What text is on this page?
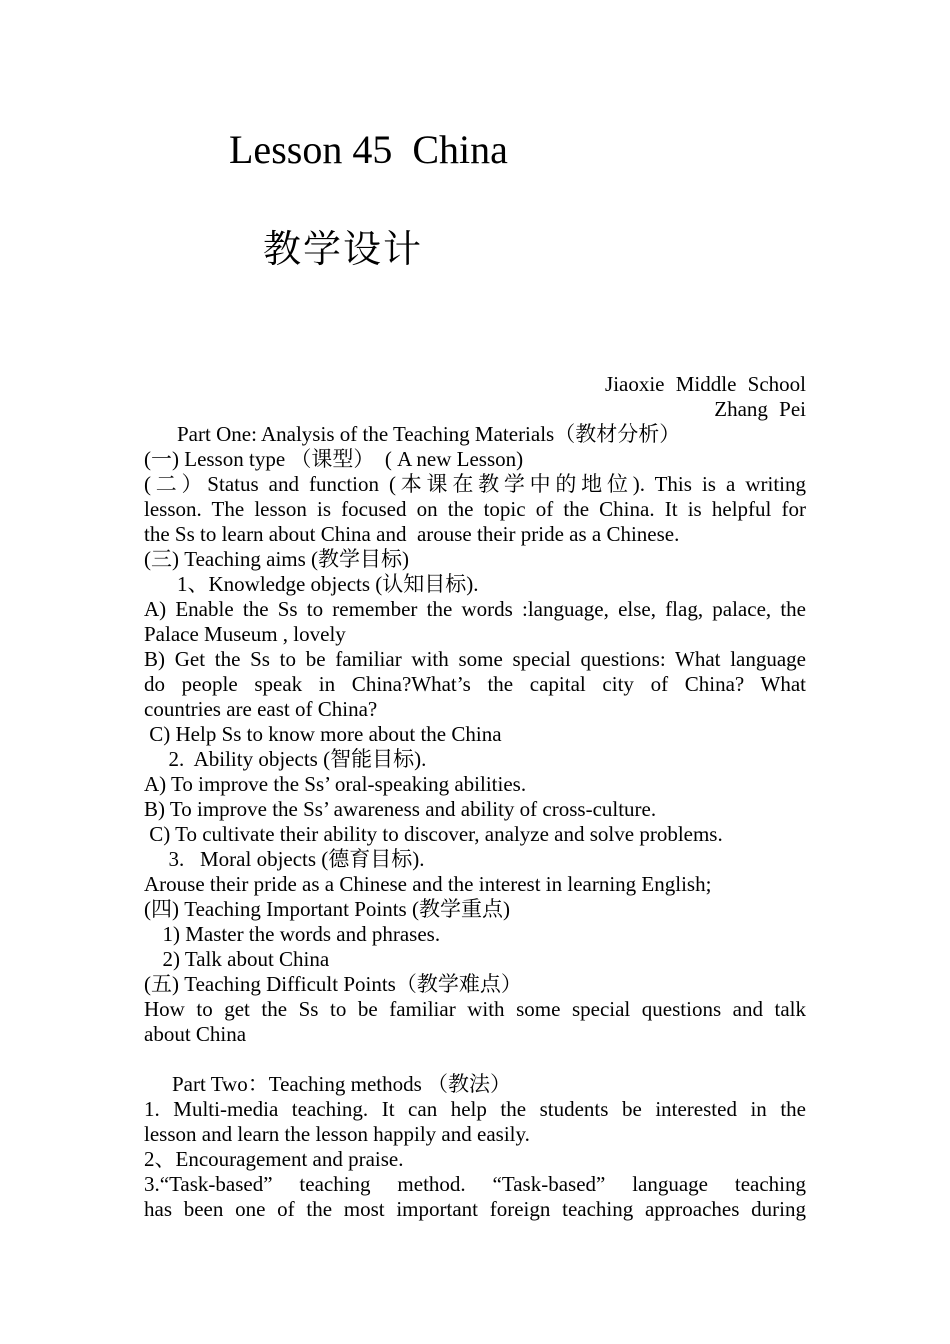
Lesson 45  China
教学设计

Jiaoxie Middle School

Zhang Pei

Part One: Analysis of the Teaching Materials（教材分析）

(一) Lesson type （课型）  ( A new Lesson)

(二）Status and function (本课在教学中的地位). This is a writing

lesson. The lesson is focused on the topic of the China. It is helpful for

the Ss to learn about China and  arouse their pride as a Chinese.

(三) Teaching aims (教学目标)

1、Knowledge objects (认知目标).

A) Enable the Ss to remember the words :language, else, flag, palace, the

Palace Museum , lovely

B) Get the Ss to be familiar with some special questions: What language

do people speak in China?What’s the capital city of China? What

countries are east of China?

C) Help Ss to know more about the China

2.  Ability objects (智能目标).

A) To improve the Ss’ oral-speaking abilities.

B) To improve the Ss’ awareness and ability of cross-culture.

C) To cultivate their ability to discover, analyze and solve problems.

3.   Moral objects (德育目标).

Arouse their pride as a Chinese and the interest in learning English;

(四) Teaching Important Points (教学重点)

1) Master the words and phrases.

2) Talk about China

(五) Teaching Difficult Points（教学难点）

How to get the Ss to be familiar with some special questions and talk

about China

Part Two：Teaching methods （教法）

1. Multi-media teaching. It can help the students be interested in the

lesson and learn the lesson happily and easily.

2、Encouragement and praise.

3.“Task-based” teaching method. “Task-based” language teaching

has been one of the most important foreign teaching approaches during
